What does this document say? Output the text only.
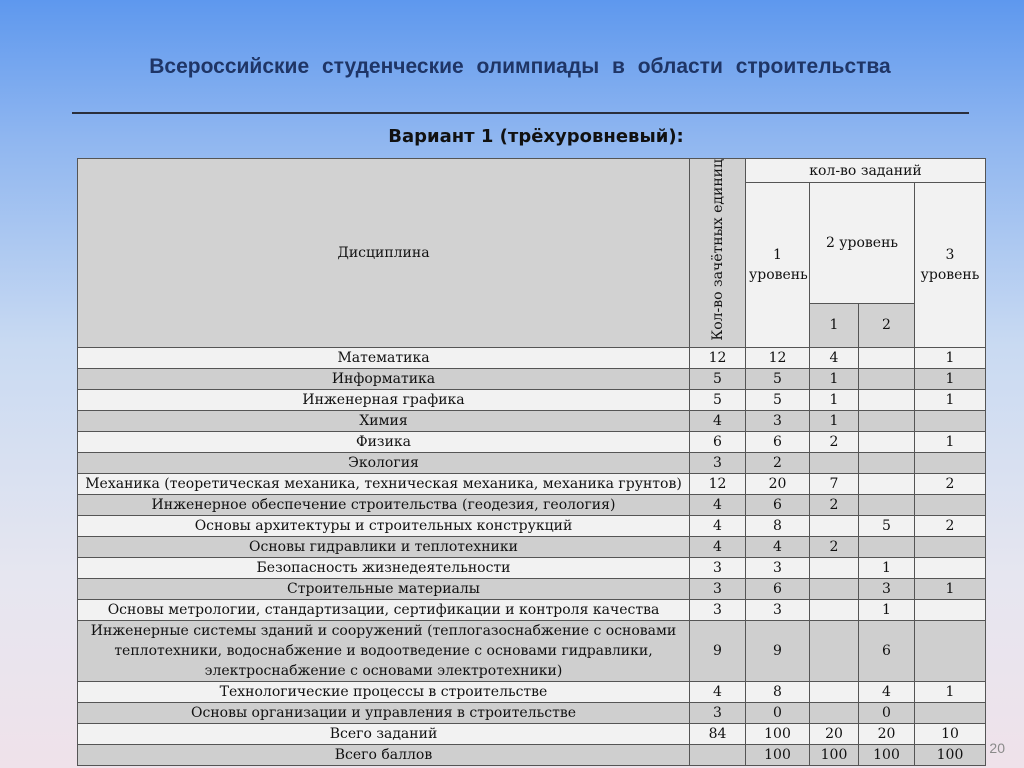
Всероссийские студенческие олимпиады в области строительства
Вариант 1 (трёхуровневый):
Дисциплина	Кол-во зачётных единиц	кол-во заданий			
		1 уровень	2 уровень		3 уровень
			1	2	
Математика	12	12	4		1
Информатика	5	5	1		1
Инженерная графика	5	5	1		1
Химия	4	3	1		
Физика	6	6	2		1
Экология	3	2			
Механика (теоретическая механика, техническая механика, механика грунтов)	12	20	7		2
Инженерное обеспечение строительства (геодезия, геология)	4	6	2		
Основы архитектуры и строительных конструкций	4	8		5	2
Основы гидравлики и теплотехники	4	4	2		
Безопасность жизнедеятельности	3	3		1	
Строительные материалы	3	6		3	1
Основы метрологии, стандартизации, сертификации и контроля качества	3	3		1	
Инженерные системы зданий и сооружений (теплогазоснабжение с основами теплотехники, водоснабжение и водоотведение с основами гидравлики, электроснабжение с основами электротехники)	9	9		6	
Технологические процессы в строительстве	4	8		4	1
Основы организации и управления в строительстве	3	0		0	
Всего заданий	84	100	20	20	10
Всего баллов		100	100	100	100	20
